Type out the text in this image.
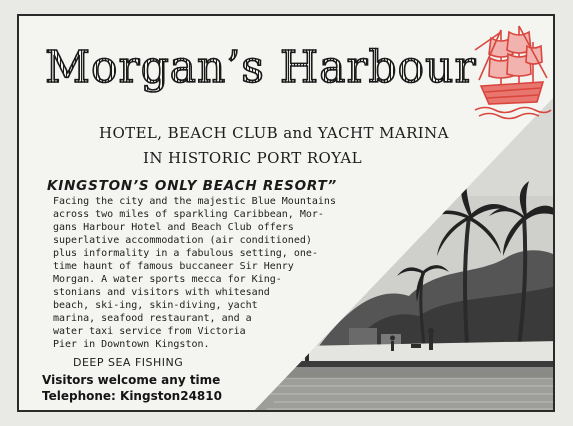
Morgan’s Harbour
HOTEL, BEACH CLUB and YACHT MARINA
IN HISTORIC PORT ROYAL
KINGSTON’S ONLY BEACH RESORT”
Facing the city and the majestic Blue Mountains
across two miles of sparkling Caribbean, Mor-
gans Harbour Hotel and Beach Club offers
superlative accommodation (air conditioned)
plus informality in a fabulous setting, one-
time haunt of famous buccaneer Sir Henry
Morgan. A water sports mecca for King-
stonians and visitors with whitesand
beach, ski-ing, skin-diving, yacht
marina, seafood restaurant, and a
water taxi service from Victoria
Pier in Downtown Kingston.
DEEP SEA FISHING
Visitors welcome any time
Telephone: Kingston24810
